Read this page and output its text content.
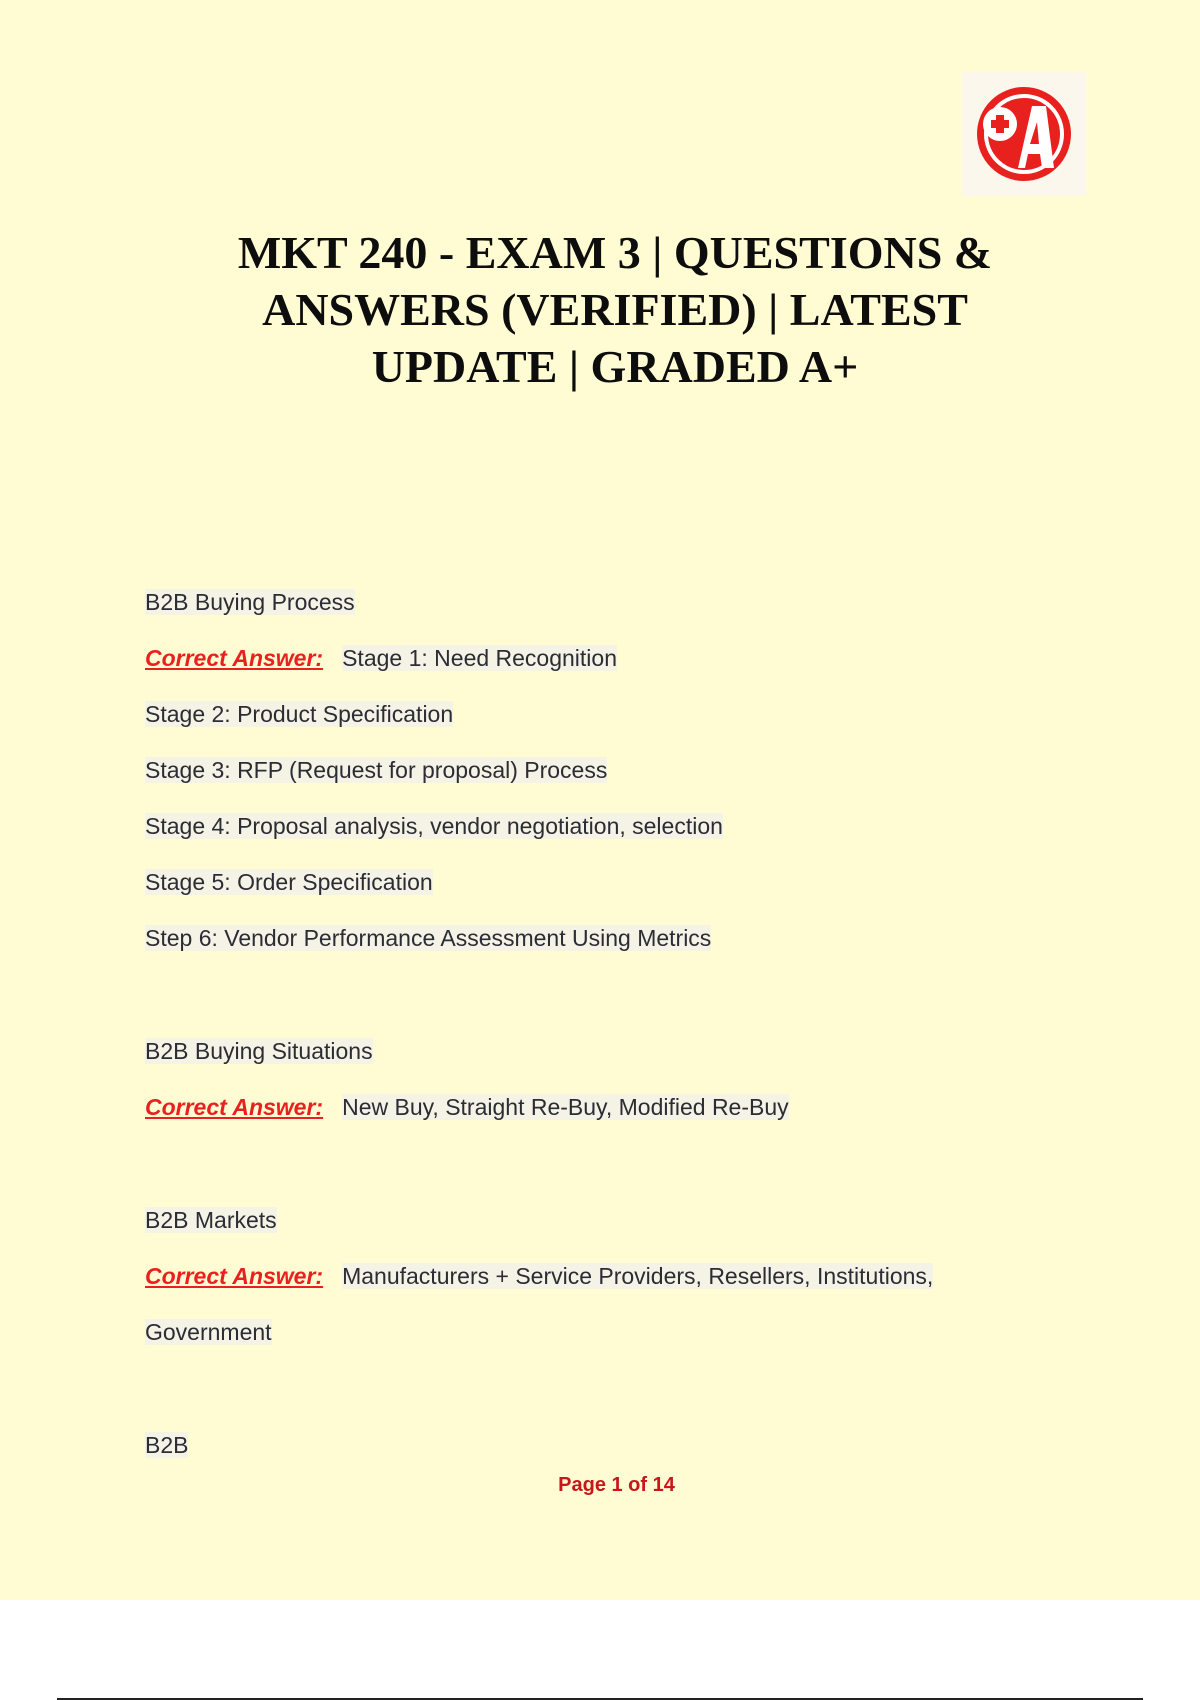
MKT 240 - EXAM 3 | QUESTIONS &
ANSWERS (VERIFIED) | LATEST
UPDATE | GRADED A+
B2B Buying Process
Correct Answer: Stage 1: Need Recognition
Stage 2: Product Specification
Stage 3: RFP (Request for proposal) Process
Stage 4: Proposal analysis, vendor negotiation, selection
Stage 5: Order Specification
Step 6: Vendor Performance Assessment Using Metrics
B2B Buying Situations
Correct Answer: New Buy, Straight Re-Buy, Modified Re-Buy
B2B Markets
Correct Answer: Manufacturers + Service Providers, Resellers, Institutions,
Government
B2B
Page 1 of 14
